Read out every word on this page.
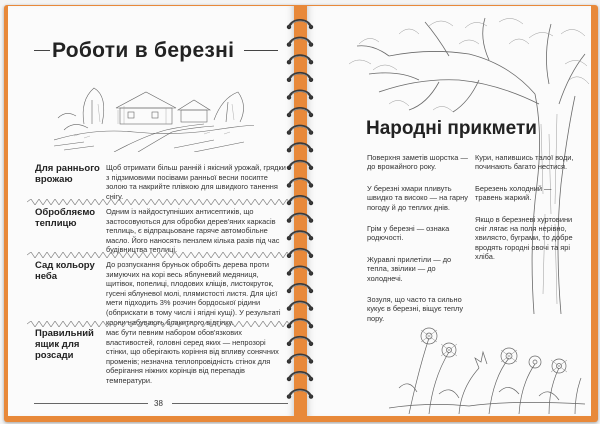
Роботи в березні
Для раннього врожаю
Щоб отримати більш ранній і якісний урожай, грядки з підзимовими посівами ранньої весни посипте золою та накрийте плівкою для швидкого танення снігу.
Обробляємо теплицю
Одним із найдоступніших антисептиків, що застосовуються для обробки дерев'яних каркасів теплиць, є відпрацьоване гаряче автомобільне масло. Його наносять пензлем кілька разів під час будівництва теплиці.
Сад кольору неба
До розпускання бруньок обробіть дерева проти зимуючих на корі весь яблуневий медяниця, щитівок, попелиці, плодових кліщів, листокруток, гусені яблуневої молі, плямистості листя. Для цієї мети підходить 3% розчин бордоської рідини (обприскати в тому числі і ягідні кущі). У результаті крони набувають блакитного відтінку.
Правильний ящик для розсади
має бути певним набором обов'язкових властивостей, головні серед яких — непрозорі стінки, що оберігають коріння від впливу сонячних променів; незначна теплопровідність стінок для оберігання ніжних корінців від перепадів температури.
38
Народні прикмети

Поверхня заметів шорстка — до врожайного року.

У березні хмари пливуть швидко та високо — на гарну погоду й до теплих днів.

Грім у березні — ознака родючості.

Журавлі прилетіли — до тепла, звілики — до холоднечі.

Зозуля, що часто та сильно кукує в березні, віщує теплу пору.

Кури, напившись талої води, починають багато нестися.

Березень холодний — травень жаркий.

Якщо в березневі хуртовини сніг лягає на поля нерівно, хвилясто, буграми, то добре вродять городні овочі та ярі хліба.
